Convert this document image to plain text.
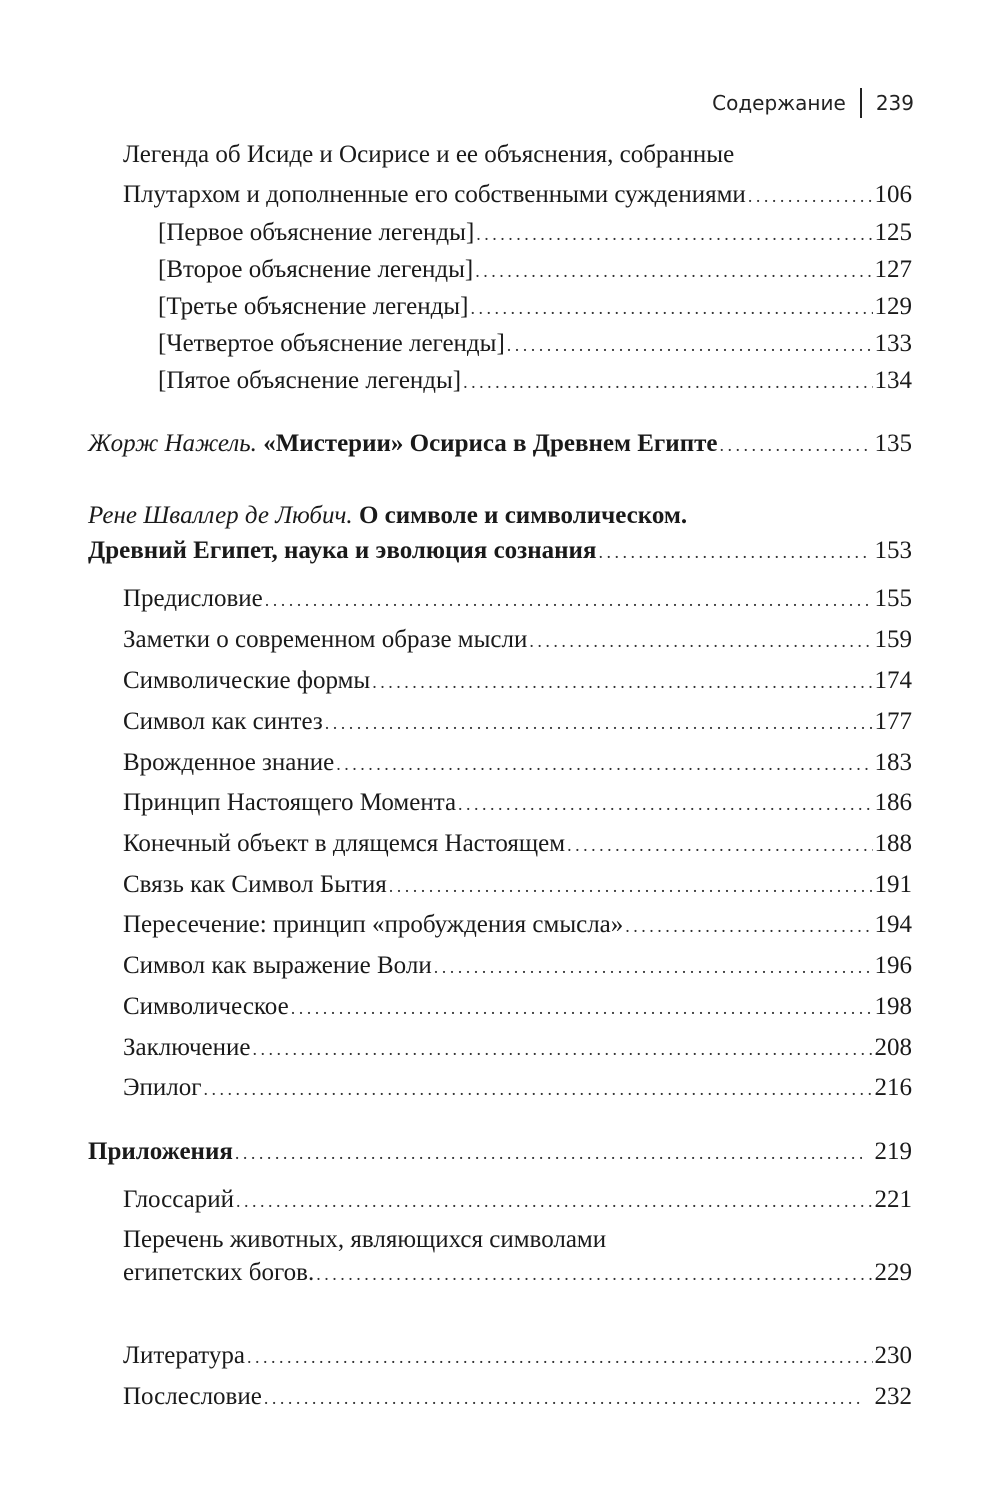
Содержание 239
Легенда об Исиде и Осирисе и ее объяснения, собранные
Плутархом и дополненные его собственными суждениями . . .	106
[Первое объяснение легенды] . . .	125
[Второе объяснение легенды] . . .	127
[Третье объяснение легенды] . . .	129
[Четвертое объяснение легенды] . . .	133
[Пятое объяснение легенды] . . .	134
Жорж Нажель.
«Мистерии» Осириса в Древнем Египте . . .	135
Рене Швaллер де Любич. О символе и символическом.
Древний Египет, наука и эволюция сознания . . .	153
Предисловие . . .	155
Заметки о современном образе мысли . . .	159
Символические формы . . .	174
Символ как синтез . . .	177
Врожденное знание . . .	183
Принцип Настоящего Момента . . .	186
Конечный объект в длящемся Настоящем . . .	188
Связь как Символ Бытия . . .	191
Пересечение: принцип «пробуждения смысла» . . .	194
Символ как выражение Воли . . .	196
Символическое . . .	198
Заключение . . .	208
Эпилог . . .	216
Приложения . . .	219
Глоссарий . . .	221
Перечень животных, являющихся символами
египетских богов. . . .	229
Литература . . .	230
Послесловие . . .	232
